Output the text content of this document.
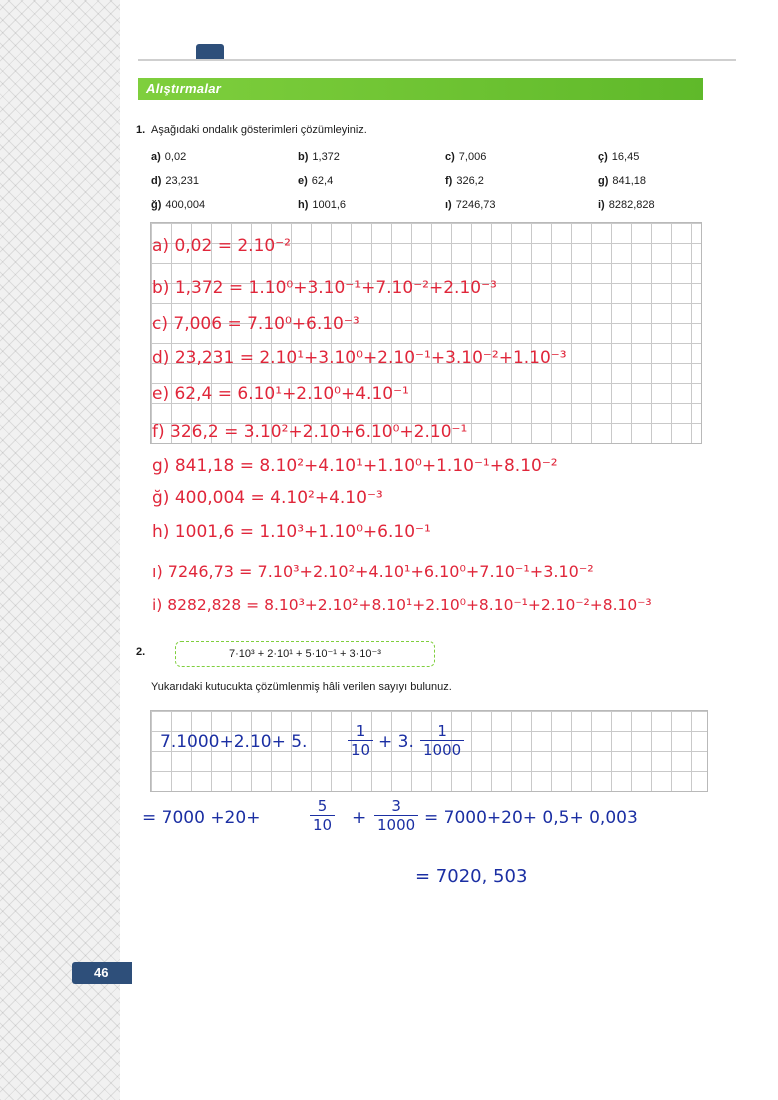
Alıştırmalar
1. Aşağıdaki ondalık gösterimleri çözümleyiniz.
a) 0,02	b) 1,372	c) 7,006	ç) 16,45
d) 23,231	e) 62,4	f) 326,2	g) 841,18
ğ) 400,004	h) 1001,6	ı) 7246,73	i) 8282,828
a) 0,02 = 2.10⁻²
b) 1,372 = 1.10⁰+3.10⁻¹+7.10⁻²+2.10⁻³
c) 7,006 = 7.10⁰+6.10⁻³
d) 23,231 = 2.10¹+3.10⁰+2.10⁻¹+3.10⁻²+1.10⁻³
e) 62,4 = 6.10¹+2.10⁰+4.10⁻¹
f) 326,2 = 3.10²+2.10+6.10⁰+2.10⁻¹
g) 841,18 = 8.10²+4.10¹+1.10⁰+1.10⁻¹+8.10⁻²
ğ) 400,004 = 4.10²+4.10⁻³
h) 1001,6 = 1.10³+1.10⁰+6.10⁻¹
ı) 7246,73 = 7.10³+2.10²+4.10¹+6.10⁰+7.10⁻¹+3.10⁻²
i) 8282,828 = 8.10³+2.10²+8.10¹+2.10⁰+8.10⁻¹+2.10⁻²+8.10⁻³
2.	7·10³ + 2·10¹ + 5·10⁻¹ + 3·10⁻³
Yukarıdaki kutucukta çözümlenmiş hâli verilen sayıyı bulunuz.
7.1000+2.10+ 5.	$\frac{1}{10} + 3$. $\frac{1}{1000}$
= 7000 +20+	$\frac{5}{10} + \frac{3}{1000} = 7000+20+ 0,5+ 0,003$
= 7020, 503
46
